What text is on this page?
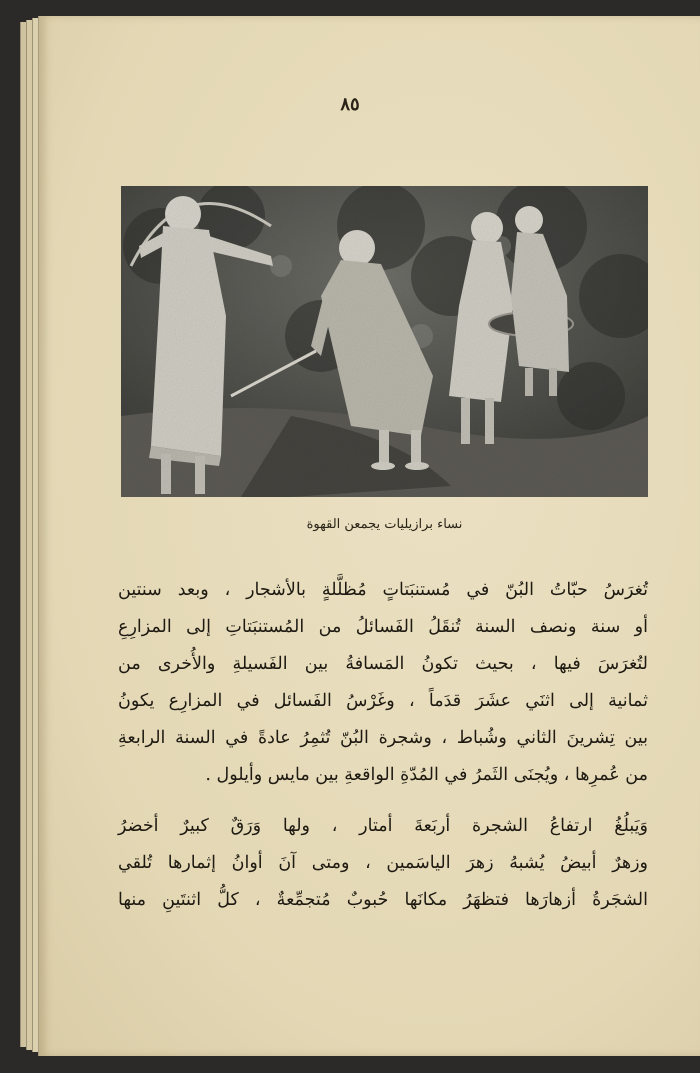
٨٥
نساء برازيليات يجمعن القهوة

تُغرَسُ حبّاتُ البُنّ في مُستنبَتاتٍ مُظلَّلةٍ بالأشجار ، وبعد سنتين

أو سنة ونصف السنة تُنقَلُ الفَسائلُ من المُستنبَتاتِ إلى المزارِعِ

لتُغرَسَ فيها ، بحيث تكونُ المَسافةُ بين الفَسيلةِ والأُخرى من

ثمانية إلى اثنَي عشَرَ قدَماً ، وغَرْسُ الفَسائل في المزارِع يكونُ

بين تِشرينَ الثاني وشُباط ، وشجرة البُنّ تُثمِرُ عادةً في السنة الرابعةِ

من عُمرِها ، ويُجنَى الثَمرُ في المُدّةِ الواقعةِ بين مايس وأيلول .

وَيَبلُغُ ارتفاعُ الشجرة أربَعةَ أمتار ، ولها وَرَقٌ كبيرٌ أخضرُ

وزهرٌ أبيضُ يُشبهُ زهرَ الياسَمين ، ومتى آنَ أوانُ إثمارها تُلقي

الشجَرةُ أزهارَها فتظهَرُ مكانَها حُبوبٌ مُتجمِّعةٌ ، كلُّ اثنتَينِ منها
